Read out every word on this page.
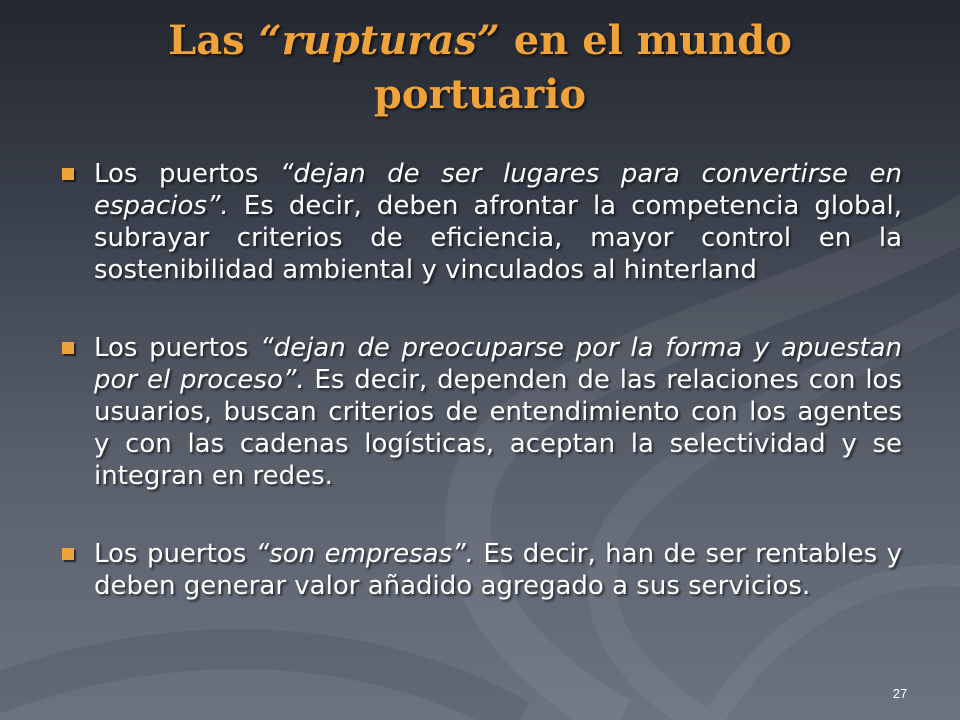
Las “rupturas” en el mundo portuario
Los puertos “dejan de ser lugares para convertirse en espacios”. Es decir, deben afrontar la competencia global, subrayar criterios de eficiencia, mayor control en la sostenibilidad ambiental y vinculados al hinterland
Los puertos “dejan de preocuparse por la forma y apuestan por el proceso”. Es decir, dependen de las relaciones con los usuarios, buscan criterios de entendimiento con los agentes y con las cadenas logísticas, aceptan la selectividad y se integran en redes.
Los puertos “son empresas”. Es decir, han de ser rentables y deben generar valor añadido agregado a sus servicios.
27
